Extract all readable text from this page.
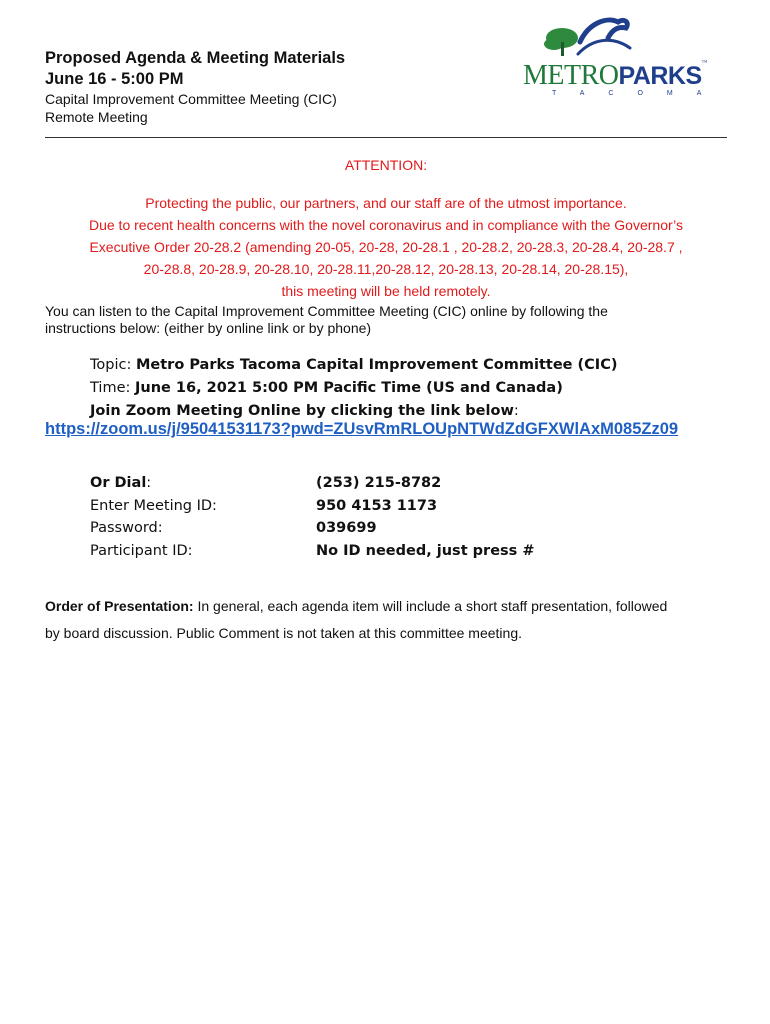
Proposed Agenda & Meeting Materials
June 16 - 5:00 PM
Capital Improvement Committee Meeting (CIC)
Remote Meeting
METROPARKS™
TACOMA
ATTENTION:
Protecting the public, our partners, and our staff are of the utmost importance.
Due to recent health concerns with the novel coronavirus and in compliance with the Governor’s
Executive Order 20-28.2 (amending 20-05, 20-28, 20-28.1 , 20-28.2, 20-28.3, 20-28.4, 20-28.7 ,
20-28.8, 20-28.9, 20-28.10, 20-28.11,20-28.12, 20-28.13, 20-28.14, 20-28.15),
this meeting will be held remotely.
You can listen to the Capital Improvement Committee Meeting (CIC) online by following the
instructions below: (either by online link or by phone)
Topic: Metro Parks Tacoma Capital Improvement Committee (CIC)
Time: June 16, 2021 5:00 PM Pacific Time (US and Canada)
Join Zoom Meeting Online by clicking the link below:
https://zoom.us/j/95041531173?pwd=ZUsvRmRLOUpNTWdZdGFXWlAxM085Zz09
Or Dial:	(253) 215-8782
Enter Meeting ID:	950 4153 1173
Password:	039699
Participant ID:	No ID needed, just press #
Order of Presentation: In general, each agenda item will include a short staff presentation, followed
by board discussion. Public Comment is not taken at this committee meeting.
